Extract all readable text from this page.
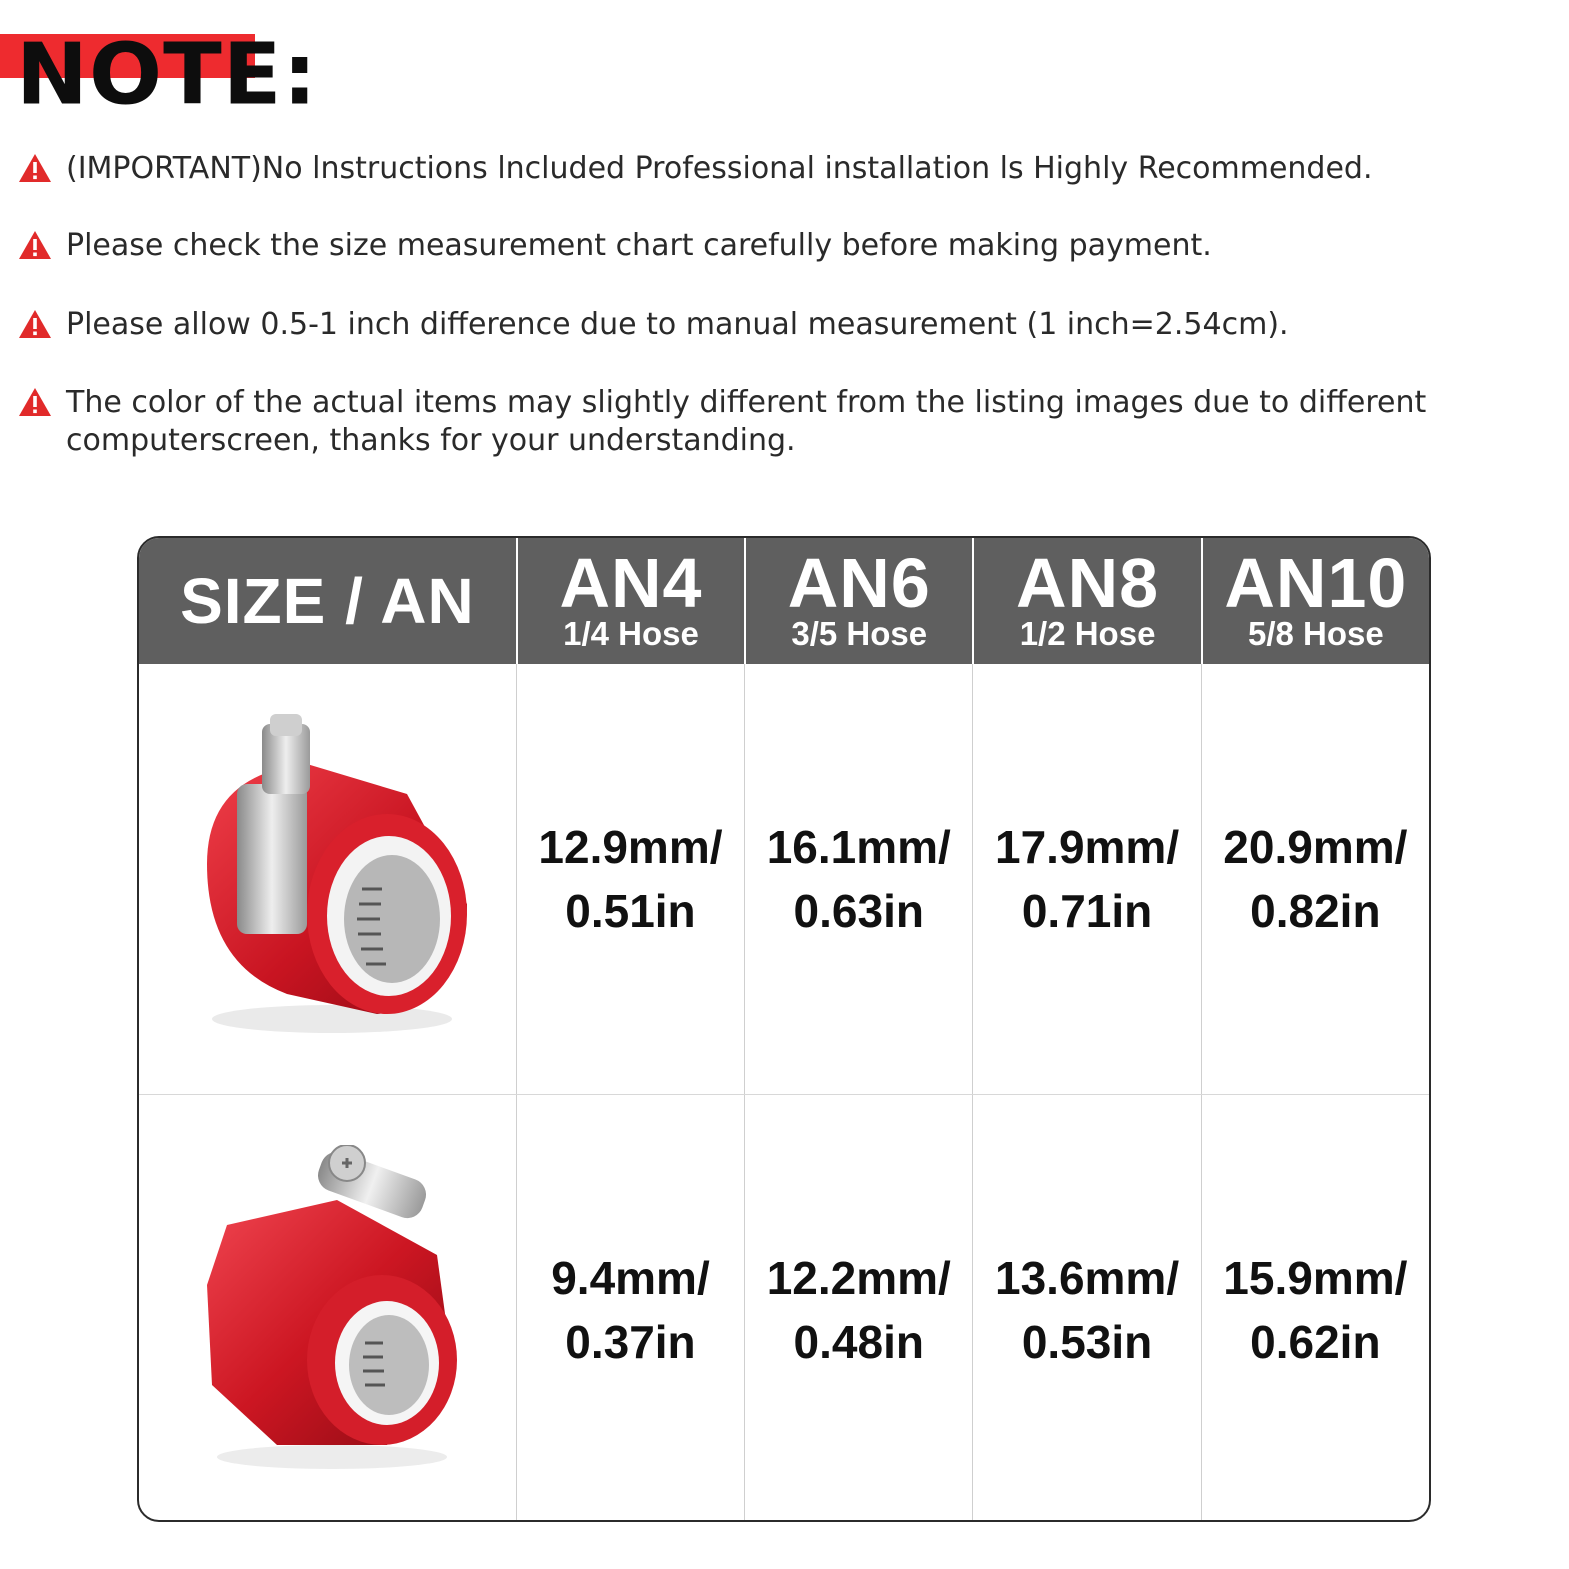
NOTE:
(IMPORTANT)No lnstructions lncluded Professional installation ls Highly Recommended.
Please check the size measurement chart carefully before making payment.
Please allow 0.5-1 inch difference due to manual measurement (1 inch=2.54cm).
The color of the actual items may slightly different from the listing images due to different computerscreen, thanks for your understanding.
SIZE / AN AN4
1/4 Hose
AN6
3/5 Hose
AN8
1/2 Hose
AN10
5/8 Hose
12.9mm/
0.51in
16.1mm/
0.63in
17.9mm/
0.71in
20.9mm/
0.82in
9.4mm/
0.37in
12.2mm/
0.48in
13.6mm/
0.53in
15.9mm/
0.62in
